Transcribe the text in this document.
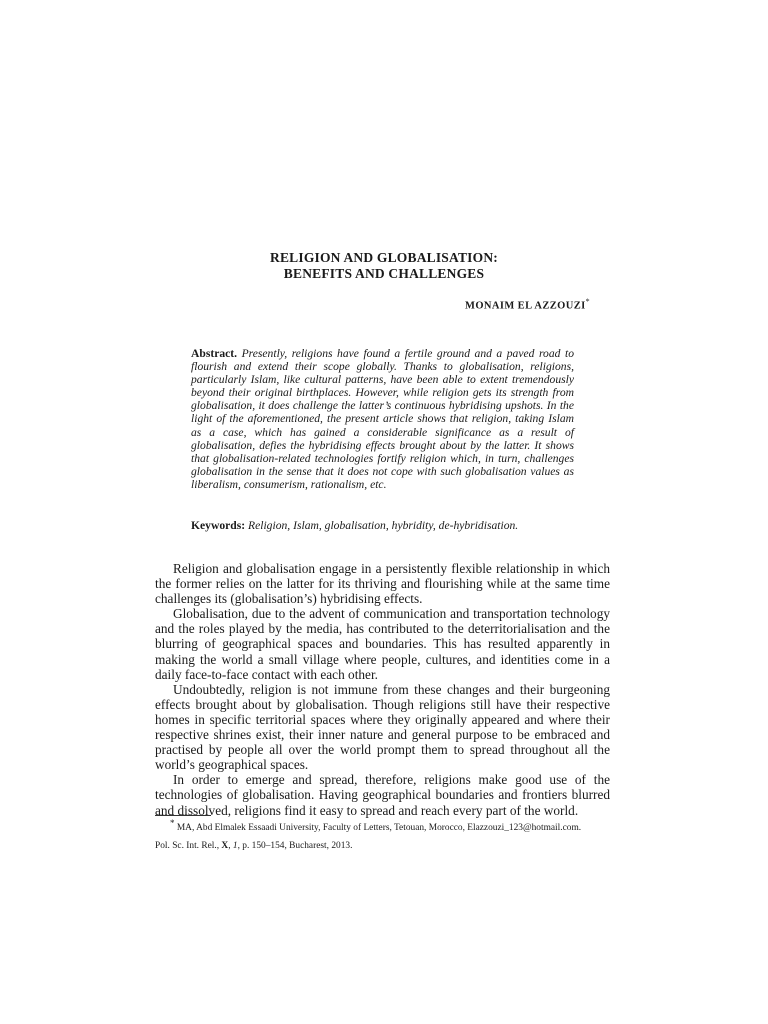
RELIGION AND GLOBALISATION:
BENEFITS AND CHALLENGES
MONAIM EL AZZOUZI*
Abstract. Presently, religions have found a fertile ground and a paved road to flourish and extend their scope globally. Thanks to globalisation, religions, particularly Islam, like cultural patterns, have been able to extent tremendously beyond their original birthplaces. However, while religion gets its strength from globalisation, it does challenge the latter’s continuous hybridising upshots. In the light of the aforementioned, the present article shows that religion, taking Islam as a case, which has gained a considerable significance as a result of globalisation, defies the hybridising effects brought about by the latter. It shows that globalisation-related technologies fortify religion which, in turn, challenges globalisation in the sense that it does not cope with such globalisation values as liberalism, consumerism, rationalism, etc.
Keywords: Religion, Islam, globalisation, hybridity, de-hybridisation.

Religion and globalisation engage in a persistently flexible relationship in which the former relies on the latter for its thriving and flourishing while at the same time challenges its (globalisation’s) hybridising effects.

Globalisation, due to the advent of communication and transportation technology and the roles played by the media, has contributed to the deterritorialisation and the blurring of geographical spaces and boundaries. This has resulted apparently in making the world a small village where people, cultures, and identities come in a daily face-to-face contact with each other.

Undoubtedly, religion is not immune from these changes and their burgeoning effects brought about by globalisation. Though religions still have their respective homes in specific territorial spaces where they originally appeared and where their respective shrines exist, their inner nature and general purpose to be embraced and practised by people all over the world prompt them to spread throughout all the world’s geographical spaces.

In order to emerge and spread, therefore, religions make good use of the technologies of globalisation. Having geographical boundaries and frontiers blurred and dissolved, religions find it easy to spread and reach every part of the world.

* MA, Abd Elmalek Essaadi University, Faculty of Letters, Tetouan, Morocco, Elazzouzi_123@hotmail.com.
Pol. Sc. Int. Rel., X, 1, p. 150–154, Bucharest, 2013.
